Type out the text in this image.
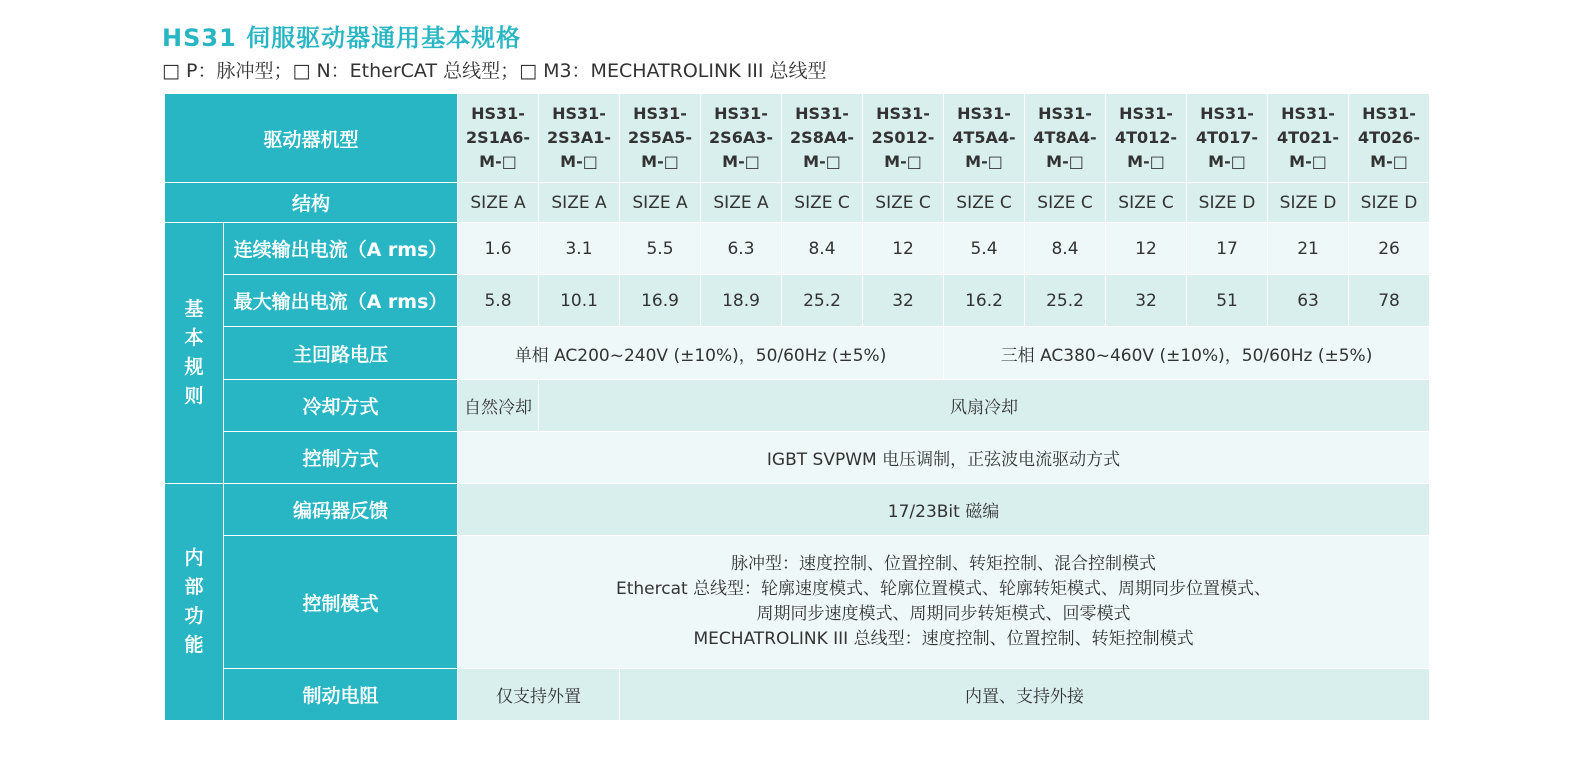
HS31 伺服驱动器通用基本规格
□ P：脉冲型；□ N：EtherCAT 总线型；□ M3：MECHATROLINK III 总线型
驱动器机型		HS31-
2S1A6-
M-□	HS31-
2S3A1-
M-□	HS31-
2S5A5-
M-□	HS31-
2S6A3-
M-□	HS31-
2S8A4-
M-□	HS31-
2S012-
M-□	HS31-
4T5A4-
M-□	HS31-
4T8A4-
M-□	HS31-
4T012-
M-□	HS31-
4T017-
M-□	HS31-
4T021-
M-□	HS31-
4T026-
M-□
结构		SIZE A	SIZE A	SIZE A	SIZE A	SIZE C	SIZE C	SIZE C	SIZE C	SIZE C	SIZE D	SIZE D	SIZE D
基本规则	连续输出电流（A rms）	1.6	3.1	5.5	6.3	8.4	12	5.4	8.4	12	17	21	26
	最大输出电流（A rms）	5.8	10.1	16.9	18.9	25.2	32	16.2	25.2	32	51	63	78
	主回路电压	单相 AC200~240V (±10%)，50/60Hz (±5%)						三相 AC380~460V (±10%)，50/60Hz (±5%)					
	冷却方式	自然冷却	风扇冷却										
	控制方式	IGBT SVPWM 电压调制，正弦波电流驱动方式											
内部功能	编码器反馈	17/23Bit 磁编											
	控制模式	脉冲型：速度控制、位置控制、转矩控制、混合控制模式
Ethercat 总线型：轮廓速度模式、轮廓位置模式、轮廓转矩模式、周期同步位置模式、
周期同步速度模式、周期同步转矩模式、回零模式
MECHATROLINK III 总线型：速度控制、位置控制、转矩控制模式											

	制动电阻	仅支持外置		内置、支持外接									
